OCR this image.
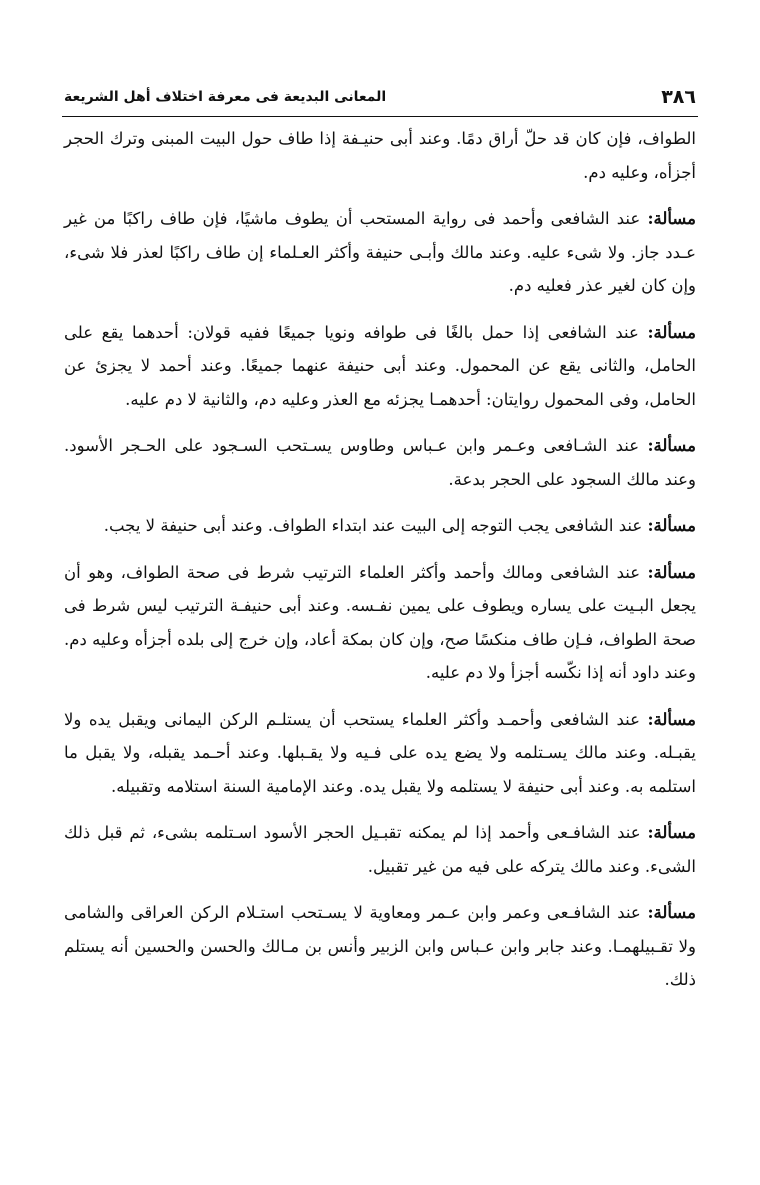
٣٨٦
المعانى البديعة فى معرفة اختلاف أهل الشريعة

الطواف، فإن كان قد حلّ أراق دمًا. وعند أبى حنيـفة إذا طاف حول البيت المبنى وترك الحجر أجزأه، وعليه دم.

مسألة: عند الشافعى وأحمد فى رواية المستحب أن يطوف ماشيًا، فإن طاف راكبًا من غير عـدد جاز. ولا شىء عليه. وعند مالك وأبـى حنيفة وأكثر العـلماء إن طاف راكبًا لعذر فلا شىء، وإن كان لغير عذر فعليه دم.

مسألة: عند الشافعى إذا حمل بالغًا فى طوافه ونويا جميعًا ففيه قولان: أحدهما يقع على الحامل، والثانى يقع عن المحمول. وعند أبى حنيفة عنهما جميعًا. وعند أحمد لا يجزئ عن الحامل، وفى المحمول روايتان: أحدهمـا يجزئه مع العذر وعليه دم، والثانية لا دم عليه.

مسألة: عند الشـافعى وعـمر وابن عـباس وطاوس يسـتحب السـجود على الحـجر الأسود. وعند مالك السجود على الحجر بدعة.

مسألة: عند الشافعى يجب التوجه إلى البيت عند ابتداء الطواف. وعند أبى حنيفة لا يجب.

مسألة: عند الشافعى ومالك وأحمد وأكثر العلماء الترتيب شرط فى صحة الطواف، وهو أن يجعل البـيت على يساره ويطوف على يمين نفـسه. وعند أبى حنيفـة الترتيب ليس شرط فى صحة الطواف، فـإن طاف منكسًا صح، وإن كان بمكة أعاد، وإن خرج إلى بلده أجزأه وعليه دم. وعند داود أنه إذا نكّسه أجزأ ولا دم عليه.

مسألة: عند الشافعى وأحمـد وأكثر العلماء يستحب أن يستلـم الركن اليمانى ويقبل يده ولا يقبـله. وعند مالك يسـتلمه ولا يضع يده على فـيه ولا يقـبلها. وعند أحـمد يقبله، ولا يقبل ما استلمه به. وعند أبى حنيفة لا يستلمه ولا يقبل يده. وعند الإمامية السنة استلامه وتقبيله.

مسألة: عند الشافـعى وأحمد إذا لم يمكنه تقبـيل الحجر الأسود اسـتلمه بشىء، ثم قبل ذلك الشىء. وعند مالك يتركه على فيه من غير تقبيل.

مسألة: عند الشافـعى وعمر وابن عـمر ومعاوية لا يسـتحب استـلام الركن العراقى والشامى ولا تقـبيلهمـا. وعند جابر وابن عـباس وابن الزبير وأنس بن مـالك والحسن والحسين أنه يستلم ذلك.
